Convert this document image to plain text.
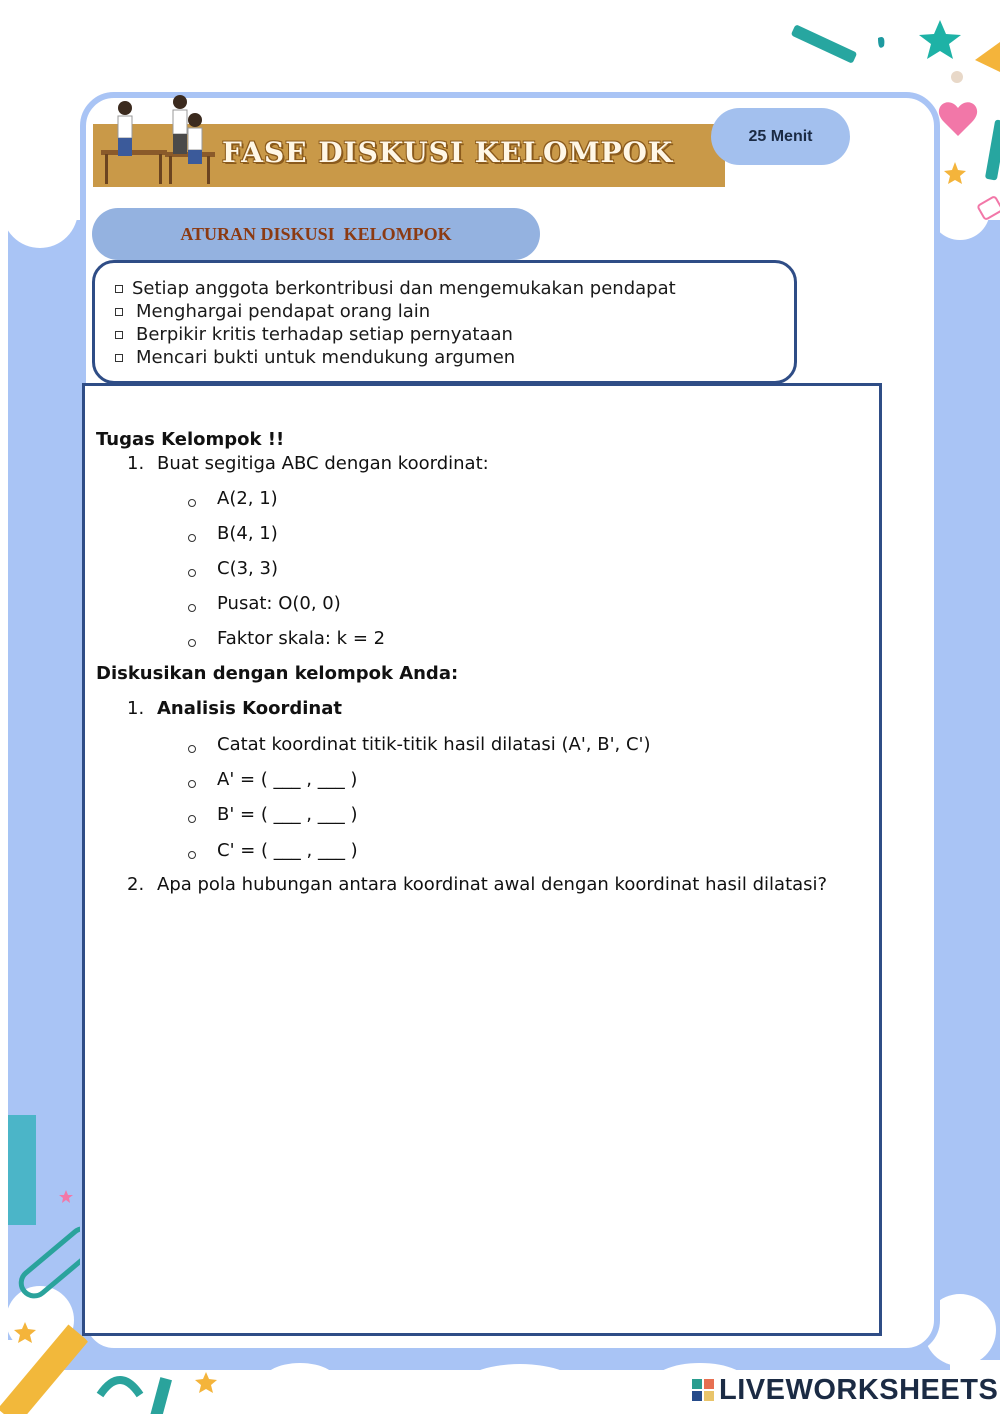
FASE DISKUSI KELOMPOK	25 Menit
ATURAN DISKUSI  KELOMPOK
Setiap anggota berkontribusi dan mengemukakan pendapat
Menghargai pendapat orang lain
Berpikir kritis terhadap setiap pernyataan
Mencari bukti untuk mendukung argumen
Tugas Kelompok !!
1. Buat segitiga ABC dengan koordinat:
A(2, 1)
B(4, 1)
C(3, 3)
Pusat: O(0, 0)
Faktor skala: k = 2
Diskusikan dengan kelompok Anda:
1. Analisis Koordinat
Catat koordinat titik-titik hasil dilatasi (A', B', C')
A' = ( ___ , ___ )
B' = ( ___ , ___ )
C' = ( ___ , ___ )
2. Apa pola hubungan antara koordinat awal dengan koordinat hasil dilatasi?
LIVEWORKSHEETS
